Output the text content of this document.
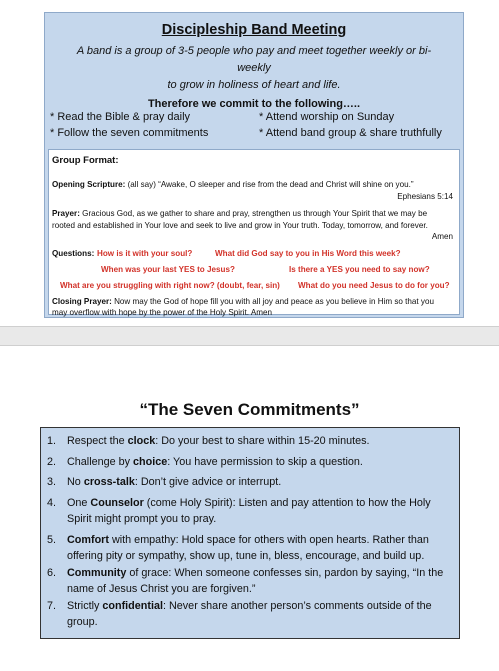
Discipleship Band Meeting
A band is a group of 3-5 people who pay and meet together weekly or bi-weekly
to grow in holiness of heart and life.
Therefore we commit to the following…..
* Read the Bible & pray daily	* Attend worship on Sunday
* Follow the seven commitments	* Attend band group & share truthfully
Group Format:
Opening Scripture: (all say) “Awake, O sleeper and rise from the dead and Christ will shine on you.”
Ephesians 5:14
Prayer: Gracious God, as we gather to share and pray, strengthen us through Your Spirit that we may be
rooted and established in Your love and seek to live and grow in Your truth. Today, tomorrow, and forever.
Amen
Questions: How is it with your soul?	What did God say to you in His Word this week?
When was your last YES to Jesus?	Is there a YES you need to say now?
What are you struggling with right now? (doubt, fear, sin) What do you need Jesus to do for you?
Closing Prayer: Now may the God of hope fill you with all joy and peace as you believe in Him so that you
may overflow with hope by the power of the Holy Spirit. Amen
“The Seven Commitments”
1. Respect the clock: Do your best to share within 15-20 minutes.
2. Challenge by choice: You have permission to skip a question.
3. No cross-talk: Don’t give advice or interrupt.
4. One Counselor (come Holy Spirit): Listen and pay attention to how the Holy Spirit might prompt you to pray.
5. Comfort with empathy: Hold space for others with open hearts. Rather than offering pity or sympathy, show up, tune in, bless, encourage, and build up.
6. Community of grace: When someone confesses sin, pardon by saying, “In the name of Jesus Christ you are forgiven.”
7. Strictly confidential: Never share another person’s comments outside of the group.
